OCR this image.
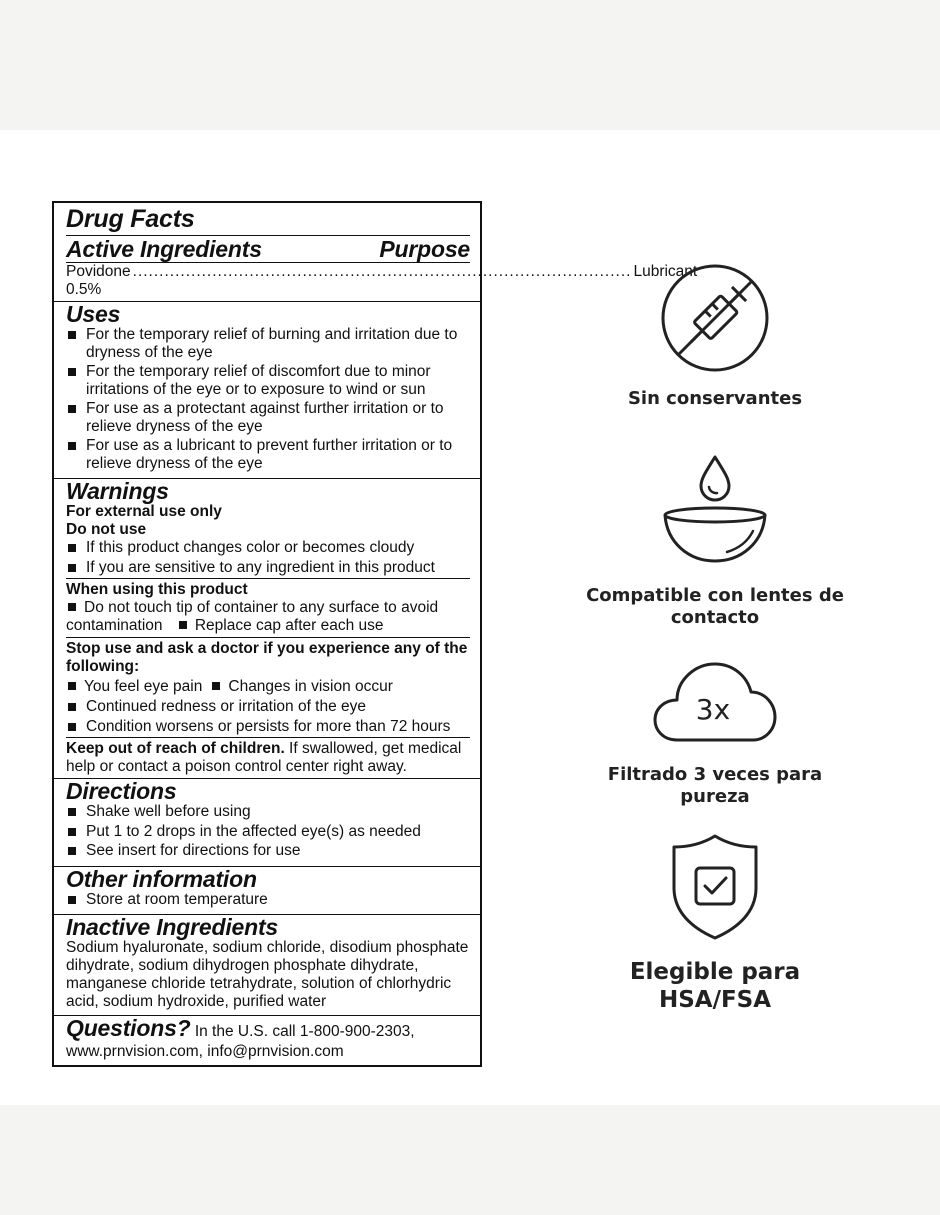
Drug Facts
Active Ingredients	Purpose
Povidone 0.5%
.............................................................................................. Lubricant
Uses
For the temporary relief of burning and irritation due to dryness of the eye
For the temporary relief of discomfort due to minor irritations of the eye or to exposure to wind or sun
For use as a protectant against further irritation or to relieve dryness of the eye
For use as a lubricant to prevent further irritation or to relieve dryness of the eye
Warnings
For external use only
Do not use
If this product changes color or becomes cloudy
If you are sensitive to any ingredient in this product
When using this product
Do not touch tip of container to any surface to avoid contamination Replace cap after each use
Stop use and ask a doctor if you experience any of the following:
You feel eye pain Changes in vision occur
Continued redness or irritation of the eye
Condition worsens or persists for more than 72 hours
Keep out of reach of children. If swallowed, get medical help or contact a poison control center right away.
Directions
Shake well before using
Put 1 to 2 drops in the affected eye(s) as needed
See insert for directions for use
Other information
Store at room temperature
Inactive Ingredients
Sodium hyaluronate, sodium chloride, disodium phosphate dihydrate, sodium dihydrogen phosphate dihydrate, manganese chloride tetrahydrate, solution of chlorhydric acid, sodium hydroxide, purified water
Questions? In the U.S. call 1-800-900-2303,
www.prnvision.com, info@prnvision.com
Sin conservantes
Compatible con lentes de
contacto
3x
Filtrado 3 veces para pureza
Elegible para HSA/FSA
